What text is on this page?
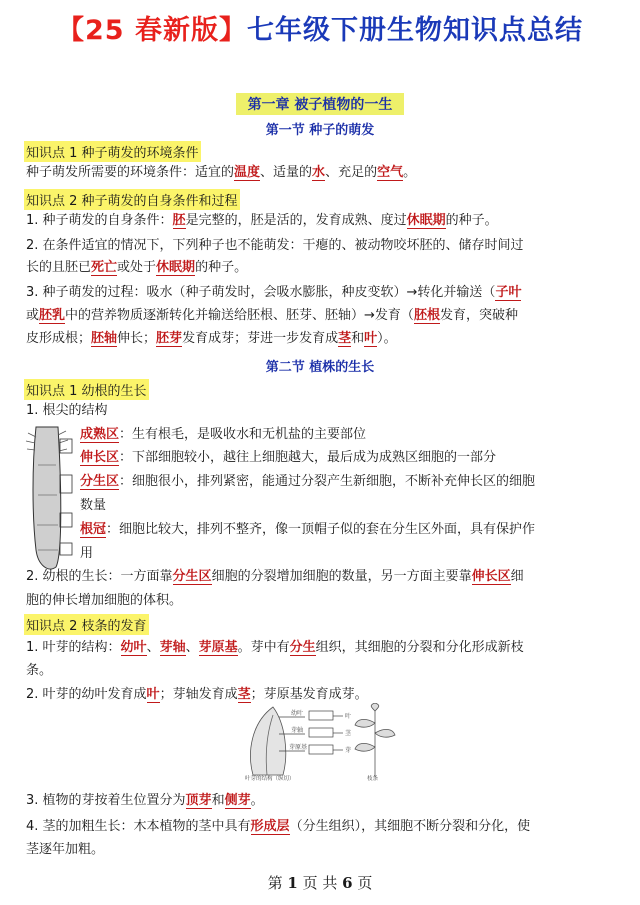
【25 春新版】七年级下册生物知识点总结
第一章 被子植物的一生
第一节 种子的萌发
知识点 1 种子萌发的环境条件
种子萌发所需要的环境条件：适宜的温度、适量的水、充足的空气。
知识点 2 种子萌发的自身条件和过程
1. 种子萌发的自身条件：胚是完整的，胚是活的，发育成熟、度过休眠期的种子。
2. 在条件适宜的情况下，下列种子也不能萌发：干瘪的、被动物咬坏胚的、储存时间过
长的且胚已死亡或处于休眠期的种子。
3. 种子萌发的过程：吸水（种子萌发时，会吸水膨胀，种皮变软）→转化并输送（子叶
或胚乳中的营养物质逐渐转化并输送给胚根、胚芽、胚轴）→发育（胚根发育，突破种
皮形成根；胚轴伸长；胚芽发育成芽；芽进一步发育成茎和叶）。
第二节 植株的生长
知识点 1 幼根的生长
1. 根尖的结构
成熟区：生有根毛，是吸收水和无机盐的主要部位
伸长区：下部细胞较小，越往上细胞越大，最后成为成熟区细胞的一部分
分生区：细胞很小，排列紧密，能通过分裂产生新细胞，不断补充伸长区的细胞
数量
根冠：细胞比较大，排列不整齐，像一顶帽子似的套在分生区外面，具有保护作
用
2. 幼根的生长：一方面靠分生区细胞的分裂增加细胞的数量，另一方面主要靠伸长区细
胞的伸长增加细胞的体积。
知识点 2 枝条的发育
1. 叶芽的结构：幼叶、芽轴、芽原基。芽中有分生组织，其细胞的分裂和分化形成新枝
条。
2. 叶芽的幼叶发育成叶；芽轴发育成茎；芽原基发育成芽。
幼叶
芽轴
芽原基
叶
茎
芽
叶芽的结构（纵切）	枝条
3. 植物的芽按着生位置分为顶芽和侧芽。
4. 茎的加粗生长：木本植物的茎中具有形成层（分生组织），其细胞不断分裂和分化，使
茎逐年加粗。
第 1 页 共 6 页
